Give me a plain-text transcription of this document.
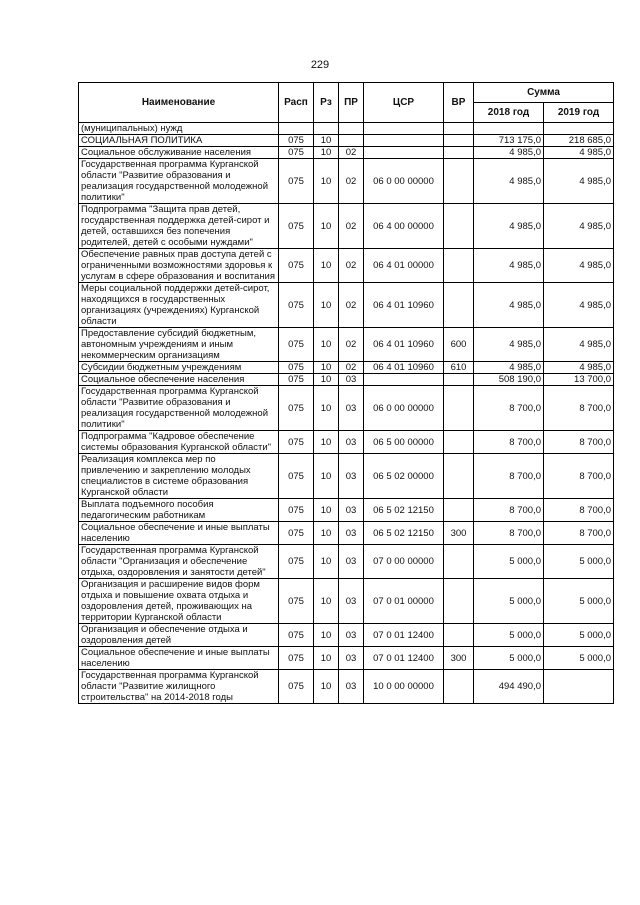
229
Наименование	Расп	Рз	ПР	ЦСР	ВР	Сумма	
						2018 год	2019 год
(муниципальных) нужд							
СОЦИАЛЬНАЯ ПОЛИТИКА	075	10				713 175,0	218 685,0
Социальное обслуживание населения	075	10	02			4 985,0	4 985,0
Государственная программа Курганской области "Развитие образования и реализация государственной молодежной политики"	075	10	02	06 0 00 00000		4 985,0	4 985,0
Подпрограмма "Защита прав детей, государственная поддержка детей-сирот и детей, оставшихся без попечения родителей, детей с особыми нуждами"	075	10	02	06 4 00 00000		4 985,0	4 985,0
Обеспечение равных прав доступа детей с ограниченными возможностями здоровья к услугам в сфере образования и воспитания	075	10	02	06 4 01 00000		4 985,0	4 985,0
Меры социальной поддержки детей-сирот, находящихся в государственных организациях (учреждениях) Курганской области	075	10	02	06 4 01 10960		4 985,0	4 985,0
Предоставление субсидий бюджетным, автономным учреждениям и иным некоммерческим организациям	075	10	02	06 4 01 10960	600	4 985,0	4 985,0
Субсидии бюджетным учреждениям	075	10	02	06 4 01 10960	610	4 985,0	4 985,0
Социальное обеспечение населения	075	10	03			508 190,0	13 700,0
Государственная программа Курганской области "Развитие образования и реализация государственной молодежной политики"	075	10	03	06 0 00 00000		8 700,0	8 700,0
Подпрограмма "Кадровое обеспечение системы образования Курганской области"	075	10	03	06 5 00 00000		8 700,0	8 700,0
Реализация комплекса мер по привлечению и закреплению молодых специалистов в системе образования Курганской области	075	10	03	06 5 02 00000		8 700,0	8 700,0
Выплата подъемного пособия педагогическим работникам	075	10	03	06 5 02 12150		8 700,0	8 700,0
Социальное обеспечение и иные выплаты населению	075	10	03	06 5 02 12150	300	8 700,0	8 700,0
Государственная программа Курганской области "Организация и обеспечение отдыха, оздоровления и занятости детей"	075	10	03	07 0 00 00000		5 000,0	5 000,0
Организация и расширение видов форм отдыха и повышение охвата отдыха и оздоровления детей, проживающих на территории Курганской области	075	10	03	07 0 01 00000		5 000,0	5 000,0
Организация и обеспечение отдыха и оздоровления детей	075	10	03	07 0 01 12400		5 000,0	5 000,0
Социальное обеспечение и иные выплаты населению	075	10	03	07 0 01 12400	300	5 000,0	5 000,0
Государственная программа Курганской области "Развитие жилищного строительства" на 2014-2018 годы	075	10	03	10 0 00 00000		494 490,0	
